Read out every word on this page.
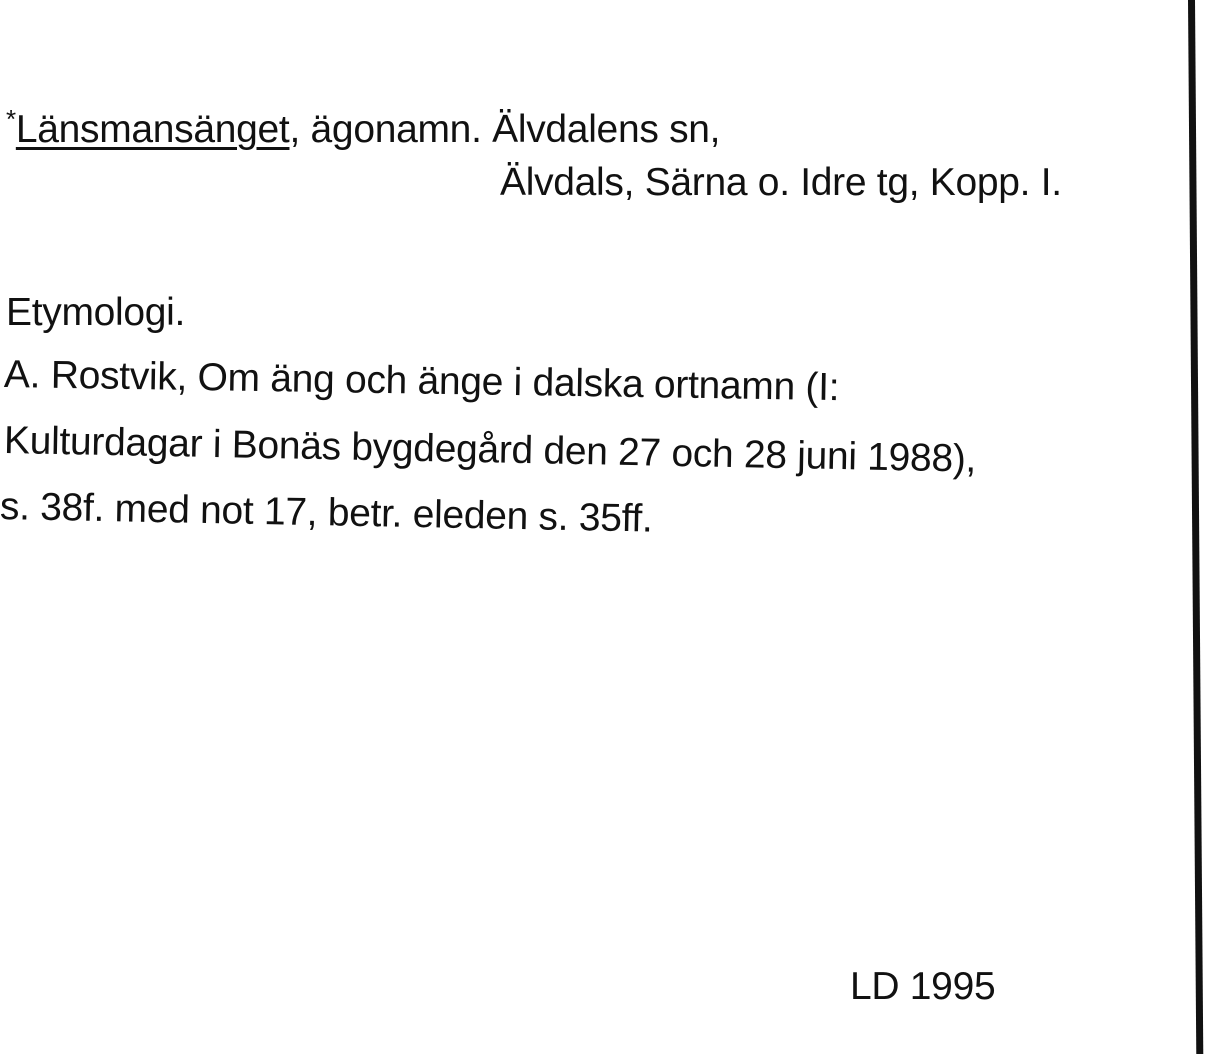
*Länsmansänget, ägonamn. Älvdalens sn,
Älvdals, Särna o. Idre tg, Kopp. I.
Etymologi.
A. Rostvik, Om äng och änge i dalska ortnamn (I:
Kulturdagar i Bonäs bygdegård den 27 och 28 juni 1988),
s. 38f. med not 17, betr. eleden s. 35ff.
LD 1995
